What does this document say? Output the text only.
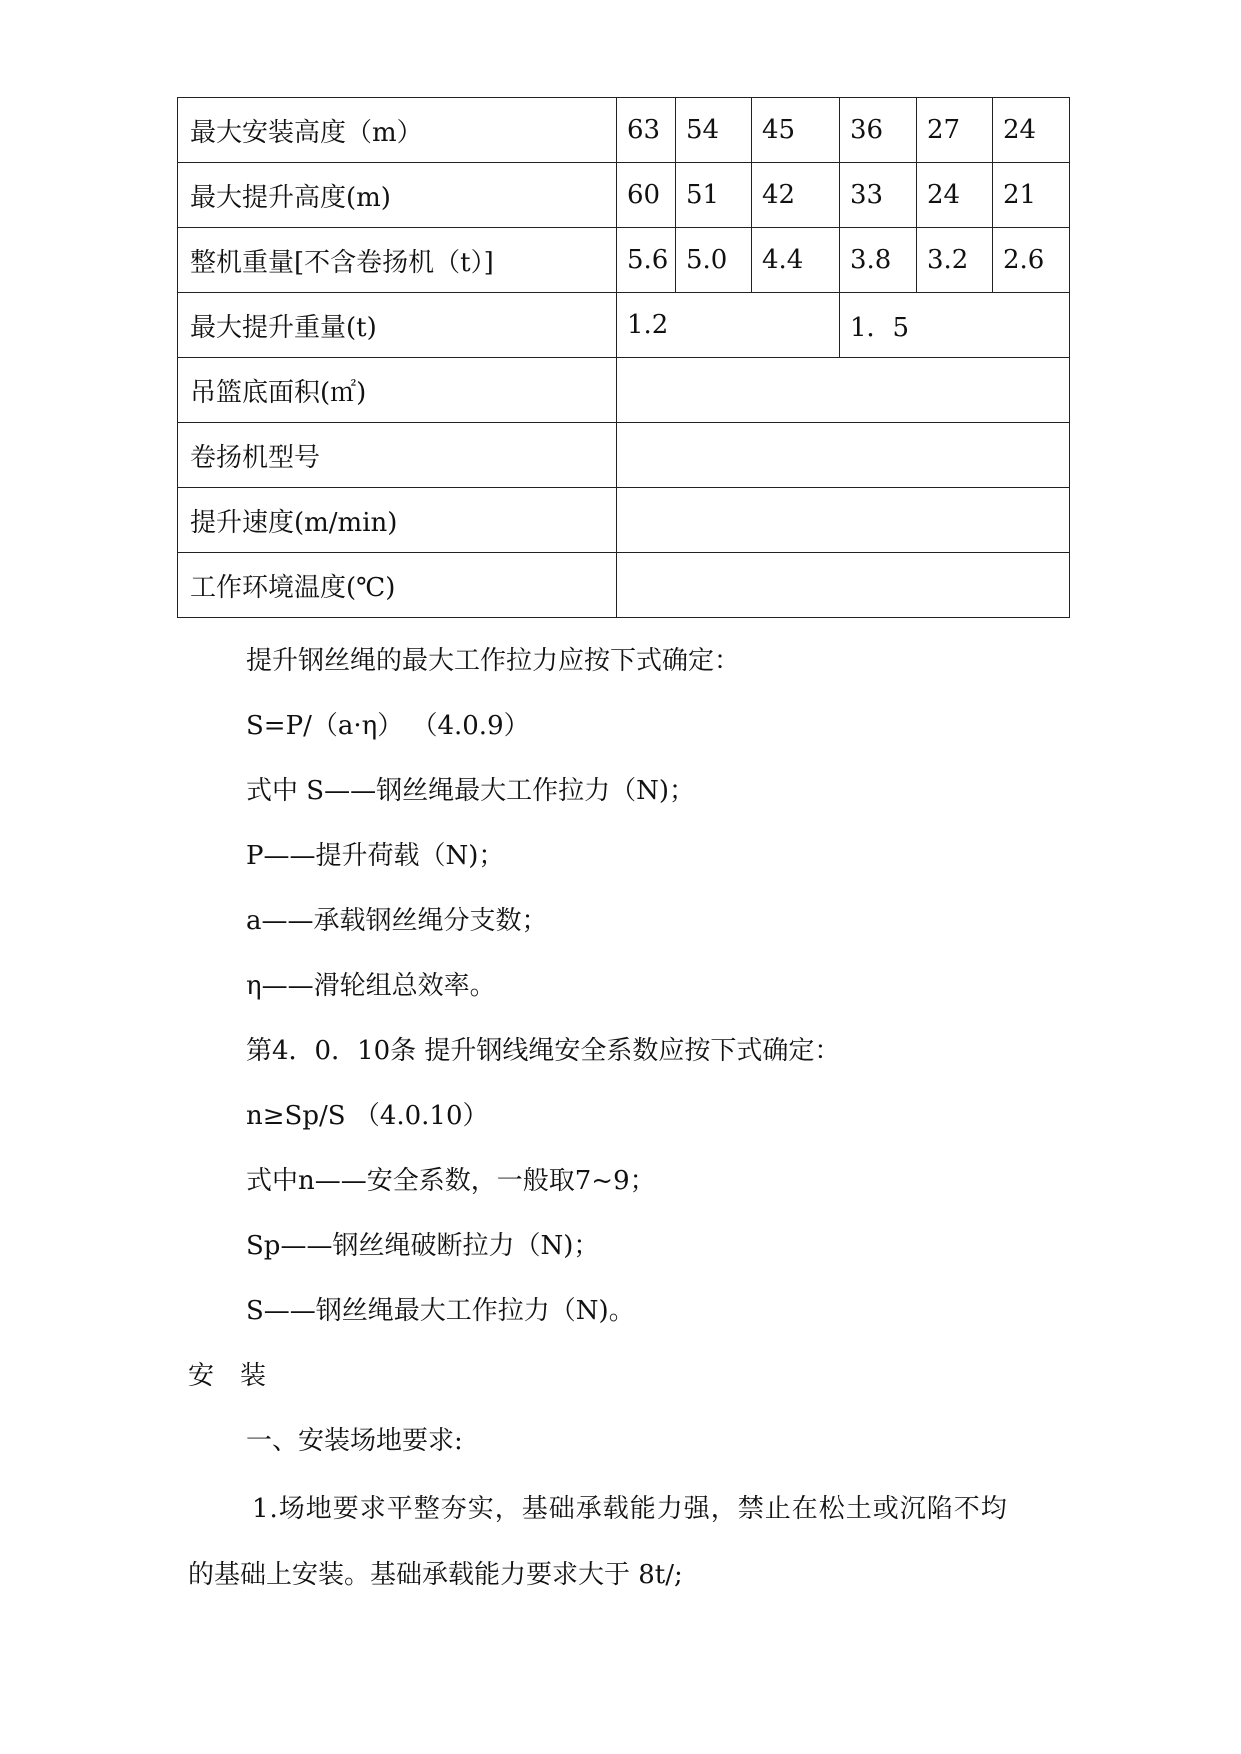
最大安装高度（m）	63	54	45	36	27	24
最大提升高度(m)	60	51	42	33	24	21
整机重量[不含卷扬机（t）]	5.6	5.0	4.4	3.8	3.2	2.6
最大提升重量(t)	1.2			1．5		
吊篮底面积(㎡)						
卷扬机型号						
提升速度(m/min)						
工作环境温度(℃)						
提升钢丝绳的最大工作拉力应按下式确定：
S=P/（a·η） （4.0.9）
式中 S——钢丝绳最大工作拉力（N)；
P——提升荷载（N)；
a——承载钢丝绳分支数；
η——滑轮组总效率。
第4．0．10条 提升钢线绳安全系数应按下式确定：
n≥Sp/S （4.0.10）
式中n——安全系数，一般取7~9；
Sp——钢丝绳破断拉力（N)；
S——钢丝绳最大工作拉力（N)。
安　装
一、安装场地要求:
1.场地要求平整夯实，基础承载能力强，禁止在松土或沉陷不均
的基础上安装。基础承载能力要求大于 8t/;
